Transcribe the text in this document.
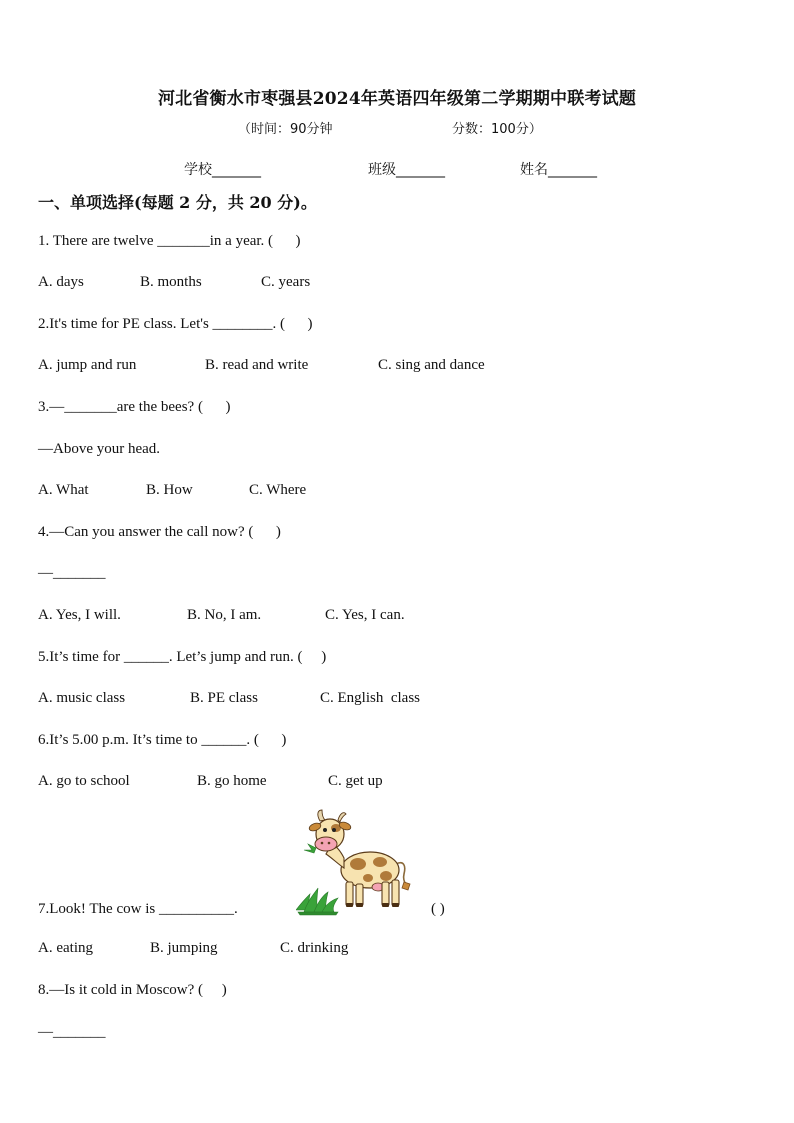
河北省衡水市枣强县2024年英语四年级第二学期期中联考试题
（时间：90分钟	分数：100分）
学校_______	班级_______	姓名_______
一、单项选择(每题 2 分，共 20 分)。
1. There are twelve _______in a year. (      )
A. days	B. months	C. years
2.It's time for PE class. Let's ________. (      )
A. jump and run	B. read and write	C. sing and dance
3.—_______are the bees? (      )
—Above your head.
A. What	B. How	C. Where
4.—Can you answer the call now? (      )
—_______
A. Yes, I will.	B. No, I am.	C. Yes, I can.
5.It’s time for ______. Let’s jump and run. (     )
A. music class	B. PE class	C. English  class
6.It’s 5.00 p.m. It’s time to ______. (      )
A. go to school	B. go home	C. get up
7.Look! The cow is __________.	( )
A. eating	B. jumping	C. drinking
8.—Is it cold in Moscow? (     )
—_______
